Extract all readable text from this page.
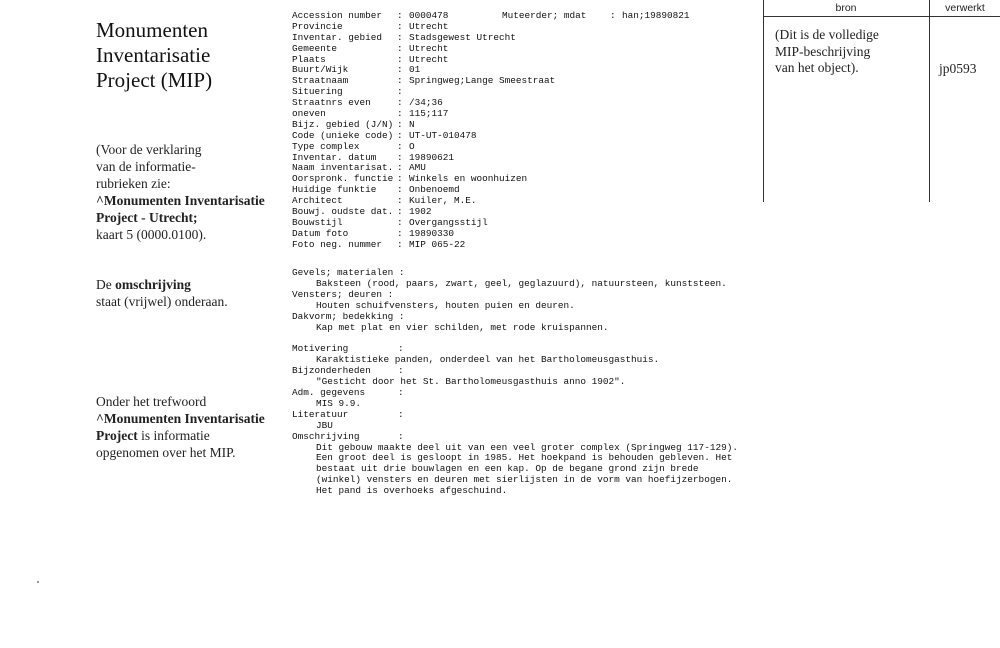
Monumenten
Inventarisatie
Project (MIP)
(Voor de verklaring
van de informatie-
rubrieken zie:
^Monumenten Inventarisatie
Project - Utrecht;
kaart 5 (0000.0100).
De omschrijving
staat (vrijwel) onderaan.
Onder het trefwoord
^Monumenten Inventarisatie
Project is informatie
opgenomen over het MIP.
Accession number : 0000478	Muteerder; mdat	: han;19890821
Provincie	: Utrecht
Inventar. gebied : Stadsgewest Utrecht
Gemeente	: Utrecht
Plaats	: Utrecht
Buurt/Wijk	: 01
Straatnaam	: Springweg;Lange Smeestraat
Situering	:
Straatnrs even	: /34;36
oneven	: 115;117
Bijz. gebied (J/N) : N
Code (unieke code) : UT-UT-010478
Type complex	: O
Inventar. datum : 19890621
Naam inventarisat. : AMU
Oorspronk. functie : Winkels en woonhuizen
Huidige funktie : Onbenoemd
Architect	: Kuiler, M.E.
Bouwj. oudste dat. : 1902
Bouwstijl	: Overgangsstijl
Datum foto	: 19890330
Foto neg. nummer : MIP 065-22
Gevels; materialen :
Baksteen (rood, paars, zwart, geel, geglazuurd), natuursteen, kunststeen.
Vensters; deuren :
Houten schuifvensters, houten puien en deuren.
Dakvorm; bedekking :
Kap met plat en vier schilden, met rode kruispannen.
Motivering	:
Karaktistieke panden, onderdeel van het Bartholomeusgasthuis.
Bijzonderheden	:
"Gesticht door het St. Bartholomeusgasthuis anno 1902".
Adm. gegevens	:
MIS 9.9.
Literatuur	:
JBU
Omschrijving	:
Dit gebouw maakte deel uit van een veel groter complex (Springweg 117-129).
Een groot deel is gesloopt in 1985. Het hoekpand is behouden gebleven. Het
bestaat uit drie bouwlagen en een kap. Op de begane grond zijn brede
(winkel) vensters en deuren met sierlijsten in de vorm van hoefijzerbogen.
Het pand is overhoeks afgeschuind.
bron	verwerkt
(Dit is de volledige
MIP-beschrijving
van het object).	jp0593
